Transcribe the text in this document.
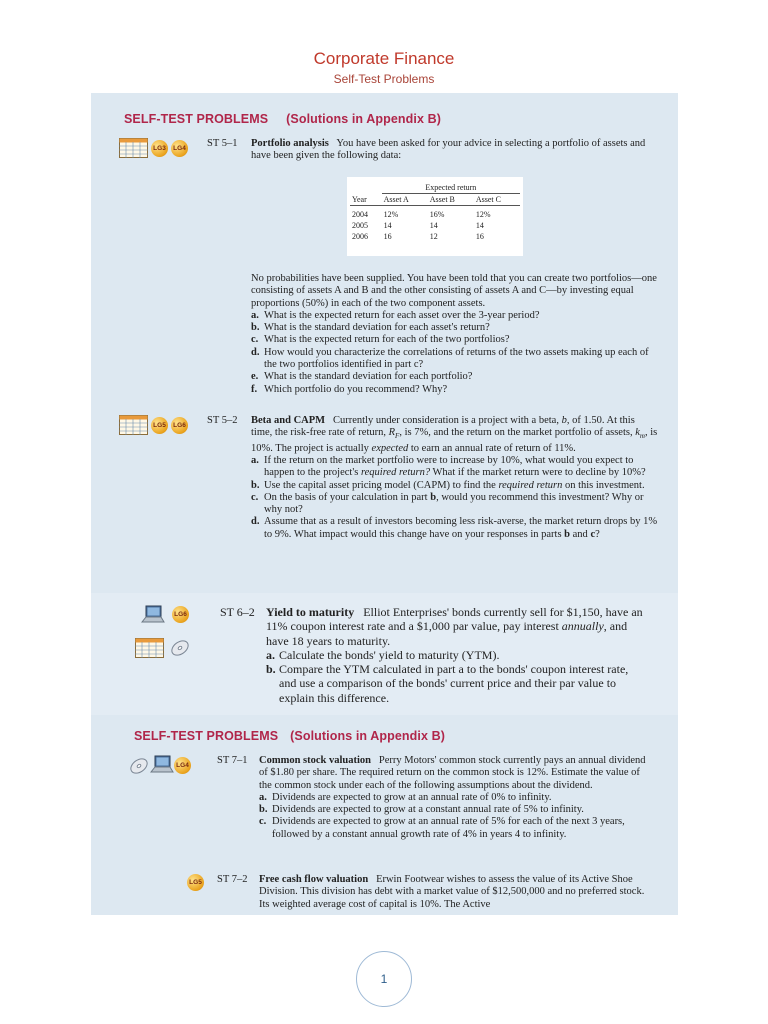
Corporate Finance
Self-Test Problems
SELF-TEST PROBLEMS (Solutions in Appendix B)
LG3	LG4 ST 5–1 Portfolio analysis You have been asked for your advice in selecting a portfolio of assets and have been given the following data:

	Expected return		
Year	Asset A	Asset B	Asset C
2004	12%	16%	12%
2005	14	14	14
2006	16	12	16

No probabilities have been supplied. You have been told that you can create two portfolios—one consisting of assets A and B and the other consisting of assets A and C—by investing equal proportions (50%) in each of the two component assets.

a. What is the expected return for each asset over the 3-year period?
b. What is the standard deviation for each asset's return?
c. What is the expected return for each of the two portfolios?
d. How would you characterize the correlations of returns of the two assets making up each of the two portfolios identified in part c?
e. What is the standard deviation for each portfolio?
f. Which portfolio do you recommend? Why?
LG5	LG6 ST 5–2 Beta and CAPM Currently under consideration is a project with a beta, b, of 1.50. At this time, the risk-free rate of return, $R_F$, is 7%, and the return on the market portfolio of assets, $k_m$, is 10%. The project is actually expected to earn an annual rate of return of 11%.

a. If the return on the market portfolio were to increase by 10%, what would you expect to happen to the project's required return? What if the market return were to decline by 10%?
b. Use the capital asset pricing model (CAPM) to find the required return on this investment.
c. On the basis of your calculation in part b, would you recommend this investment? Why or why not?
d. Assume that as a result of investors becoming less risk-averse, the market return drops by 1% to 9%. What impact would this change have on your responses in parts b and c?
LG6	ST 6–2 Yield to maturity Elliot Enterprises' bonds currently sell for $1,150, have an 11% coupon interest rate and a $1,000 par value, pay interest annually, and have 18 years to maturity.

a. Calculate the bonds' yield to maturity (YTM).
b. Compare the YTM calculated in part a to the bonds' coupon interest rate, and use a comparison of the bonds' current price and their par value to explain this difference.
SELF-TEST PROBLEMS (Solutions in Appendix B)
LG4	ST 7–1 Common stock valuation Perry Motors' common stock currently pays an annual dividend of $1.80 per share. The required return on the common stock is 12%. Estimate the value of the common stock under each of the following assumptions about the dividend.

a. Dividends are expected to grow at an annual rate of 0% to infinity.
b. Dividends are expected to grow at a constant annual rate of 5% to infinity.
c. Dividends are expected to grow at an annual rate of 5% for each of the next 3 years, followed by a constant annual growth rate of 4% in years 4 to infinity.
LG5 ST 7–2 Free cash flow valuation Erwin Footwear wishes to assess the value of its Active Shoe Division. This division has debt with a market value of $12,500,000 and no preferred stock. Its weighted average cost of capital is 10%. The Active

1
